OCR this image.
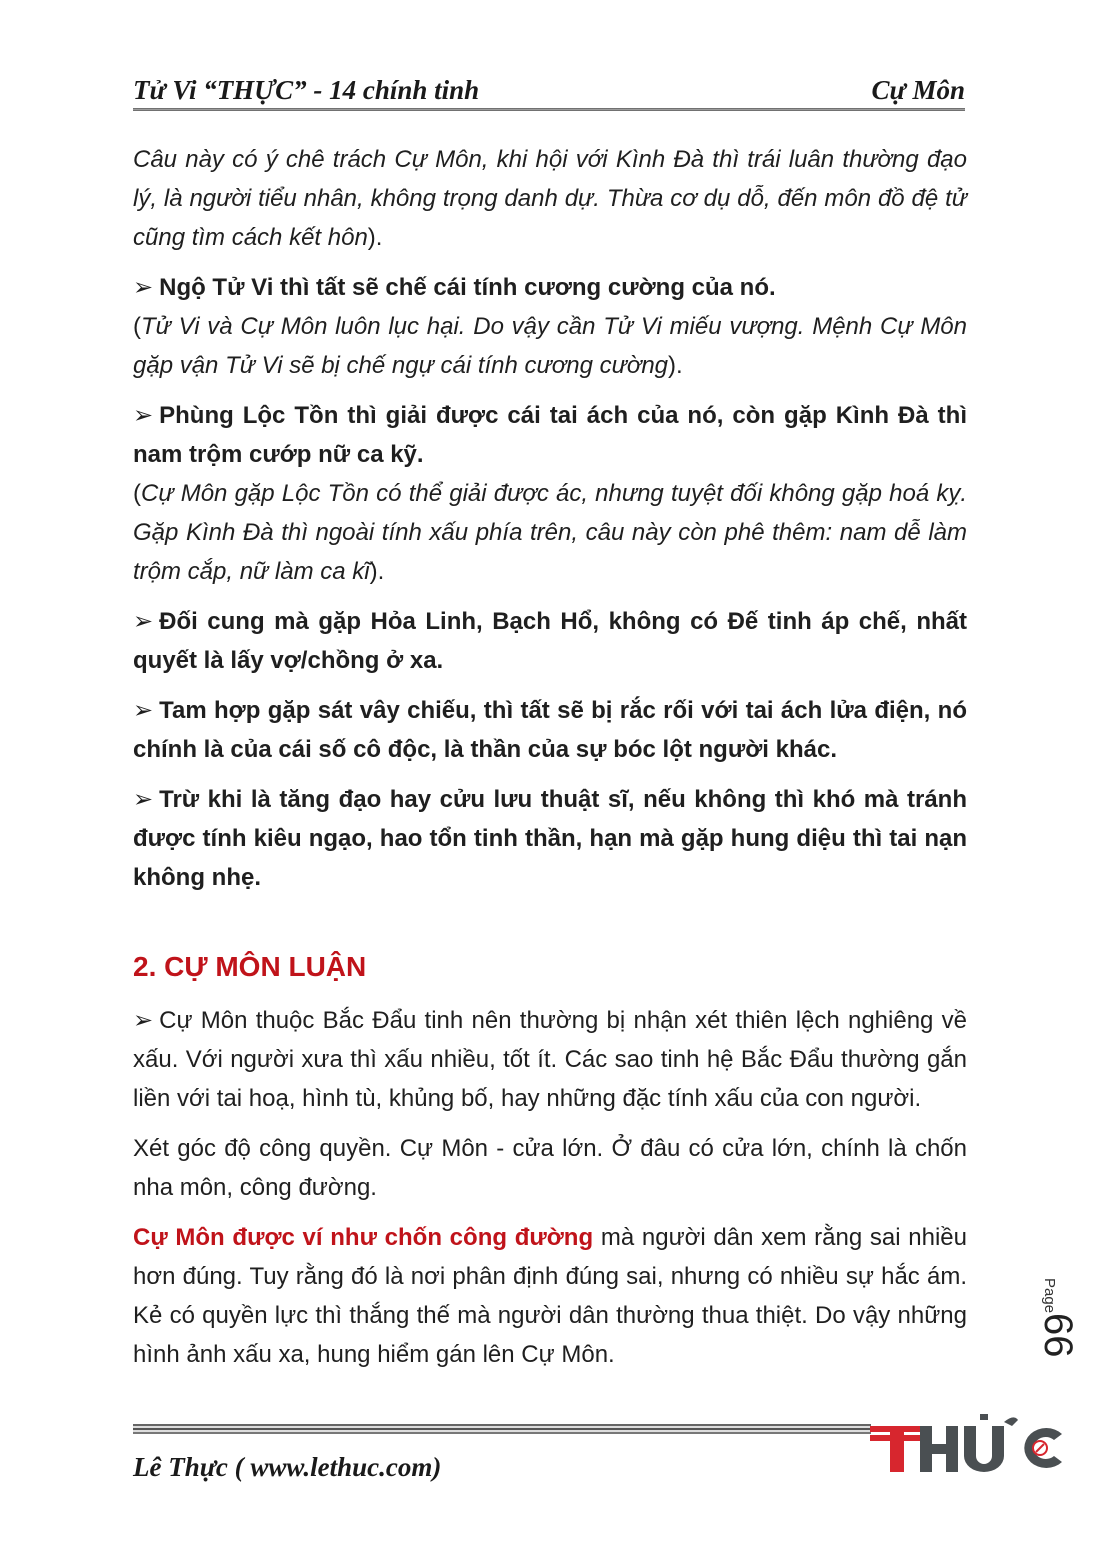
Tử Vi “THỰC” - 14 chính tinh	Cự Môn

Câu này có ý chê trách Cự Môn, khi hội với Kình Đà thì trái luân thường đạo lý, là người tiểu nhân, không trọng danh dự. Thừa cơ dụ dỗ, đến môn đồ đệ tử cũng tìm cách kết hôn).

➢ Ngộ Tử Vi thì tất sẽ chế cái tính cương cường của nó.

(Tử Vi và Cự Môn luôn lục hại. Do vậy cần Tử Vi miếu vượng. Mệnh Cự Môn gặp vận Tử Vi sẽ bị chế ngự cái tính cương cường).

➢ Phùng Lộc Tồn thì giải được cái tai ách của nó, còn gặp Kình Đà thì nam trộm cướp nữ ca kỹ.

(Cự Môn gặp Lộc Tồn có thể giải được ác, nhưng tuyệt đối không gặp hoá kỵ. Gặp Kình Đà thì ngoài tính xấu phía trên, câu này còn phê thêm: nam dễ làm trộm cắp, nữ làm ca kĩ).

➢ Đối cung mà gặp Hỏa Linh, Bạch Hổ, không có Đế tinh áp chế, nhất quyết là lấy vợ/chồng ở xa.

➢ Tam hợp gặp sát vây chiếu, thì tất sẽ bị rắc rối với tai ách lửa điện, nó chính là của cái số cô độc, là thần của sự bóc lột người khác.

➢ Trừ khi là tăng đạo hay cửu lưu thuật sĩ, nếu không thì khó mà tránh được tính kiêu ngạo, hao tổn tinh thần, hạn mà gặp hung diệu thì tai nạn không nhẹ.

2. CỰ MÔN LUẬN

➢ Cự Môn thuộc Bắc Đẩu tinh nên thường bị nhận xét thiên lệch nghiêng về xấu. Với người xưa thì xấu nhiều, tốt ít. Các sao tinh hệ Bắc Đẩu thường gắn liền với tai hoạ, hình tù, khủng bố, hay những đặc tính xấu của con người.

Xét góc độ công quyền. Cự Môn - cửa lớn. Ở đâu có cửa lớn, chính là chốn nha môn, công đường.

Cự Môn được ví như chốn công đường mà người dân xem rằng sai nhiều hơn đúng. Tuy rằng đó là nơi phân định đúng sai, nhưng có nhiều sự hắc ám. Kẻ có quyền lực thì thắng thế mà người dân thường thua thiệt. Do vậy những hình ảnh xấu xa, hung hiểm gán lên Cự Môn.	66
Page
Lê Thực ( www.lethuc.com)
